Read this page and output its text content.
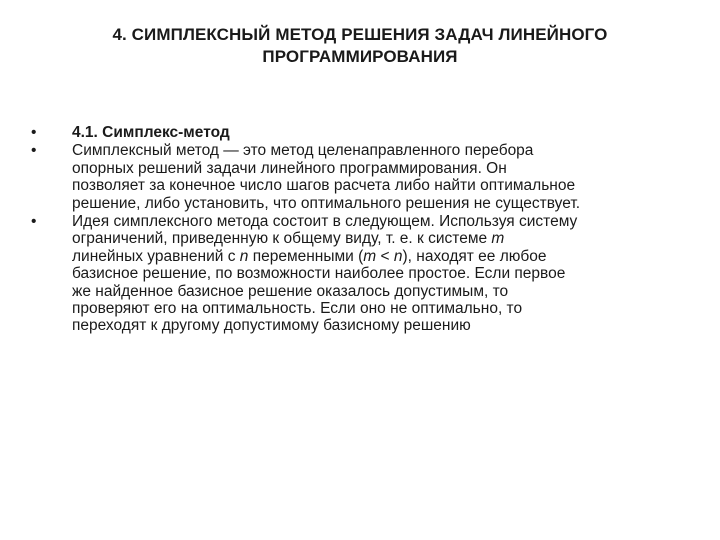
4. СИМПЛЕКСНЫЙ МЕТОД РЕШЕНИЯ ЗАДАЧ ЛИНЕЙНОГО
ПРОГРАММИРОВАНИЯ
•	4.1. Симплекс-метод
•	Симплексный метод — это метод целенаправленного перебора
опорных решений задачи линейного программирования. Он
позволяет за конечное число шагов расчета либо найти оптимальное
решение, либо установить, что оптимального решения не существует.
•	Идея симплексного метода состоит в следующем. Используя систему
ограничений, приведенную к общему виду, т. е. к системе m
линейных уравнений с n переменными (m < n), находят ее любое
базисное решение, по возможности наиболее простое. Если первое
же найденное базисное решение оказалось допустимым, то
проверяют его на оптимальность. Если оно не оптимально, то
переходят к другому допустимому базисному решению
